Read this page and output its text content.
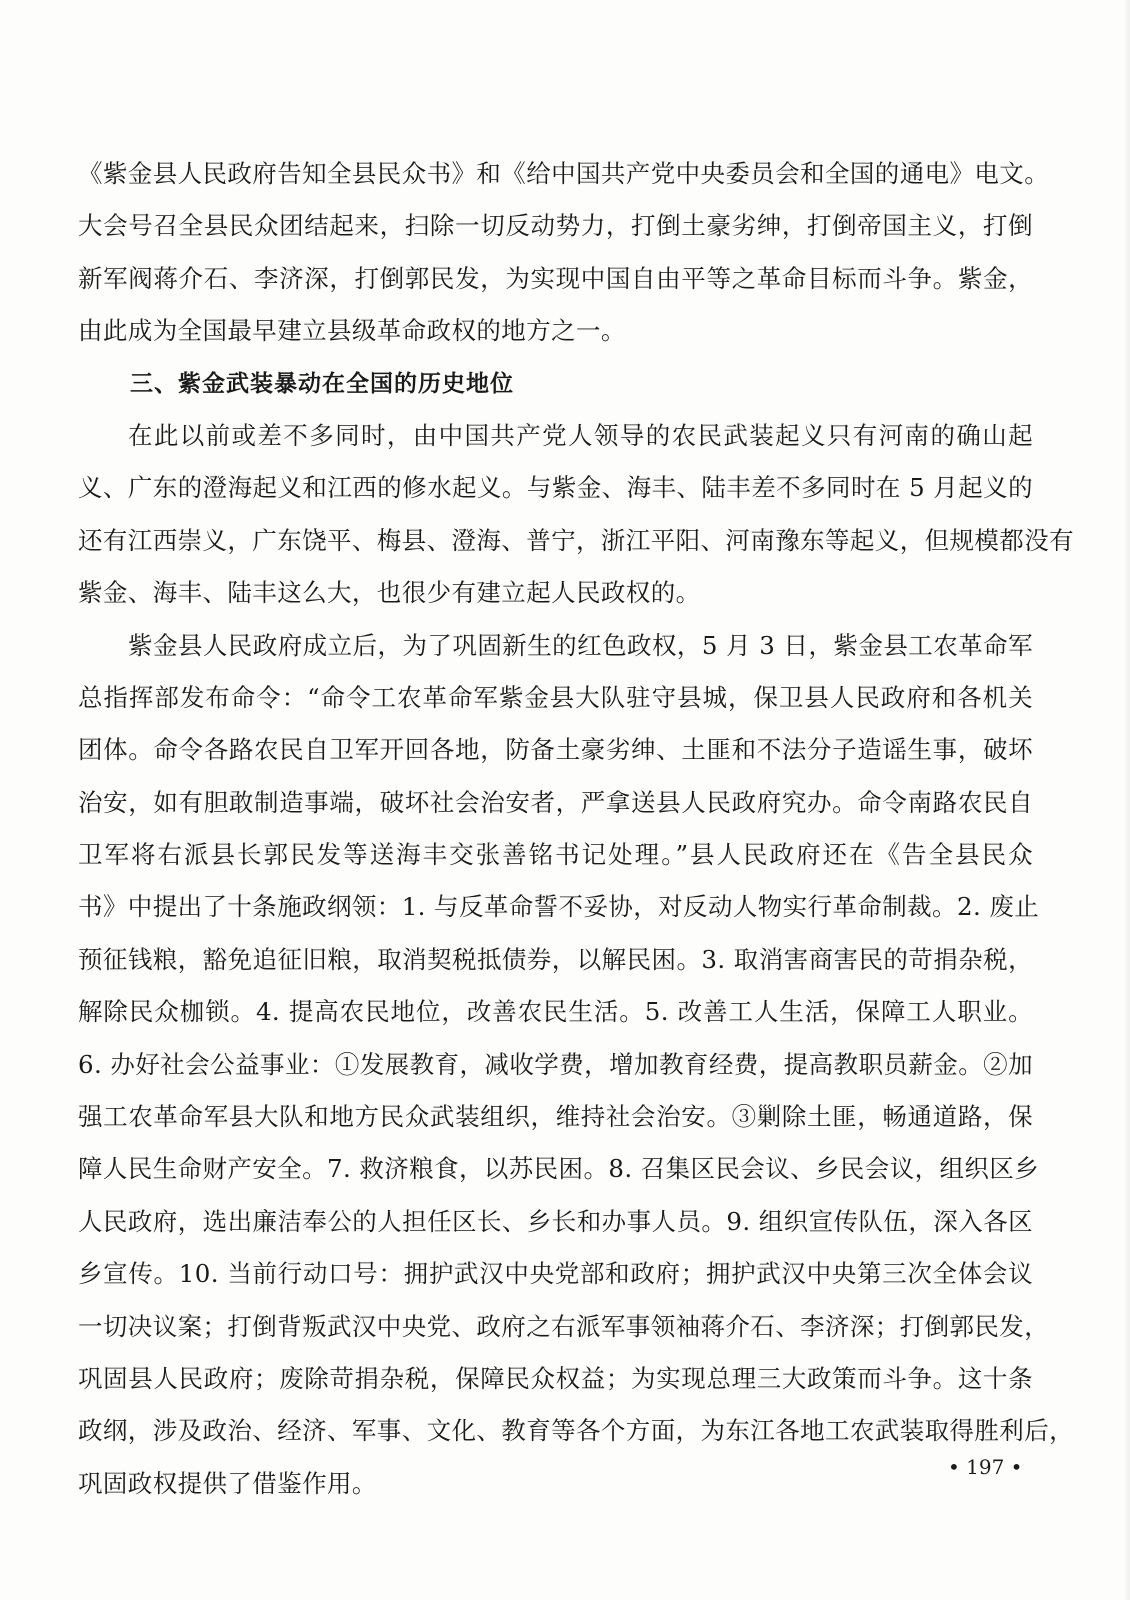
《紫金县人民政府告知全县民众书》和《给中国共产党中央委员会和全国的通电》电文。
大会号召全县民众团结起来，扫除一切反动势力，打倒土豪劣绅，打倒帝国主义，打倒
新军阀蒋介石、李济深，打倒郭民发，为实现中国自由平等之革命目标而斗争。紫金，
由此成为全国最早建立县级革命政权的地方之一。
三、紫金武装暴动在全国的历史地位
在此以前或差不多同时，由中国共产党人领导的农民武装起义只有河南的确山起
义、广东的澄海起义和江西的修水起义。与紫金、海丰、陆丰差不多同时在 5 月起义的
还有江西崇义，广东饶平、梅县、澄海、普宁，浙江平阳、河南豫东等起义，但规模都没有
紫金、海丰、陆丰这么大，也很少有建立起人民政权的。
紫金县人民政府成立后，为了巩固新生的红色政权，5 月 3 日，紫金县工农革命军
总指挥部发布命令：“命令工农革命军紫金县大队驻守县城，保卫县人民政府和各机关
团体。命令各路农民自卫军开回各地，防备土豪劣绅、土匪和不法分子造谣生事，破坏
治安，如有胆敢制造事端，破坏社会治安者，严拿送县人民政府究办。命令南路农民自
卫军将右派县长郭民发等送海丰交张善铭书记处理。”县人民政府还在《告全县民众
书》中提出了十条施政纲领：1. 与反革命誓不妥协，对反动人物实行革命制裁。2. 废止
预征钱粮，豁免追征旧粮，取消契税抵债券，以解民困。3. 取消害商害民的苛捐杂税，
解除民众枷锁。4. 提高农民地位，改善农民生活。5. 改善工人生活，保障工人职业。
6. 办好社会公益事业：①发展教育，减收学费，增加教育经费，提高教职员薪金。②加
强工农革命军县大队和地方民众武装组织，维持社会治安。③剿除土匪，畅通道路，保
障人民生命财产安全。7. 救济粮食，以苏民困。8. 召集区民会议、乡民会议，组织区乡
人民政府，选出廉洁奉公的人担任区长、乡长和办事人员。9. 组织宣传队伍，深入各区
乡宣传。10. 当前行动口号：拥护武汉中央党部和政府；拥护武汉中央第三次全体会议
一切决议案；打倒背叛武汉中央党、政府之右派军事领袖蒋介石、李济深；打倒郭民发，
巩固县人民政府；废除苛捐杂税，保障民众权益；为实现总理三大政策而斗争。这十条
政纲，涉及政治、经济、军事、文化、教育等各个方面，为东江各地工农武装取得胜利后，
巩固政权提供了借鉴作用。
• 197 •
